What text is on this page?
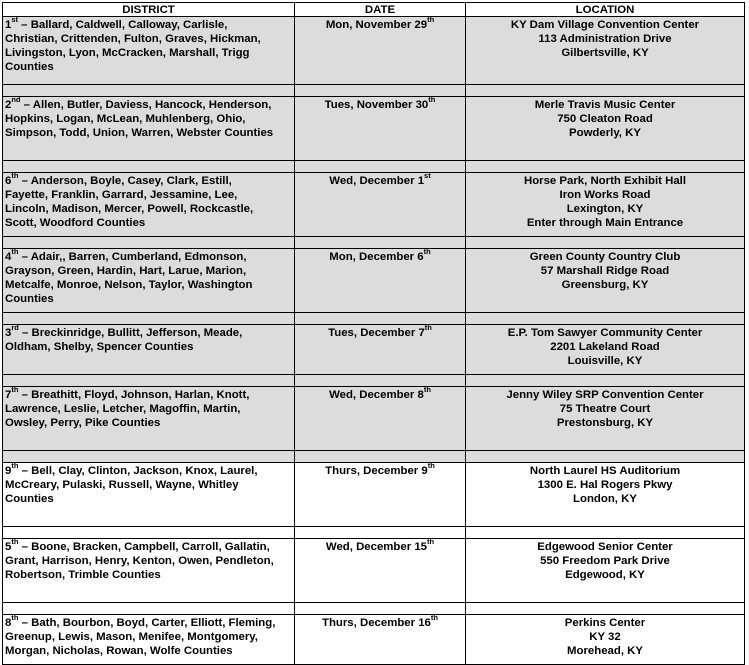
DISTRICT	DATE	LOCATION

1st – Ballard, Caldwell, Calloway, Carlisle,
Christian, Crittenden, Fulton, Graves, Hickman,
Livingston, Lyon, McCracken, Marshall, Trigg
Counties	Mon, November 29th	KY Dam Village Convention Center
113 Administration Drive
Gilbertsville, KY

2nd – Allen, Butler, Daviess, Hancock, Henderson,
Hopkins, Logan, McLean, Muhlenberg, Ohio,
Simpson, Todd, Union, Warren, Webster Counties	Tues, November 30th	Merle Travis Music Center
750 Cleaton Road
Powderly, KY

6th – Anderson, Boyle, Casey, Clark, Estill,
Fayette, Franklin, Garrard, Jessamine, Lee,
Lincoln, Madison, Mercer, Powell, Rockcastle,
Scott, Woodford Counties	Wed, December 1st	Horse Park, North Exhibit Hall
Iron Works Road
Lexington, KY
Enter through Main Entrance

4th – Adair,, Barren, Cumberland, Edmonson,
Grayson, Green, Hardin, Hart, Larue, Marion,
Metcalfe, Monroe, Nelson, Taylor, Washington
Counties	Mon, December 6th	Green County Country Club
57 Marshall Ridge Road
Greensburg, KY

3rd – Breckinridge, Bullitt, Jefferson, Meade,
Oldham, Shelby, Spencer Counties	Tues, December 7th	E.P. Tom Sawyer Community Center
2201 Lakeland Road
Louisville, KY

7th – Breathitt, Floyd, Johnson, Harlan, Knott,
Lawrence, Leslie, Letcher, Magoffin, Martin,
Owsley, Perry, Pike Counties	Wed, December 8th	Jenny Wiley SRP Convention Center
75 Theatre Court
Prestonsburg, KY

9th – Bell, Clay, Clinton, Jackson, Knox, Laurel,
McCreary, Pulaski, Russell, Wayne, Whitley
Counties	Thurs, December 9th	North Laurel HS Auditorium
1300 E. Hal Rogers Pkwy
London, KY

5th – Boone, Bracken, Campbell, Carroll, Gallatin,
Grant, Harrison, Henry, Kenton, Owen, Pendleton,
Robertson, Trimble Counties	Wed, December 15th	Edgewood Senior Center
550 Freedom Park Drive
Edgewood, KY

8th – Bath, Bourbon, Boyd, Carter, Elliott, Fleming,
Greenup, Lewis, Mason, Menifee, Montgomery,
Morgan, Nicholas, Rowan, Wolfe Counties	Thurs, December 16th	Perkins Center
KY 32
Morehead, KY
